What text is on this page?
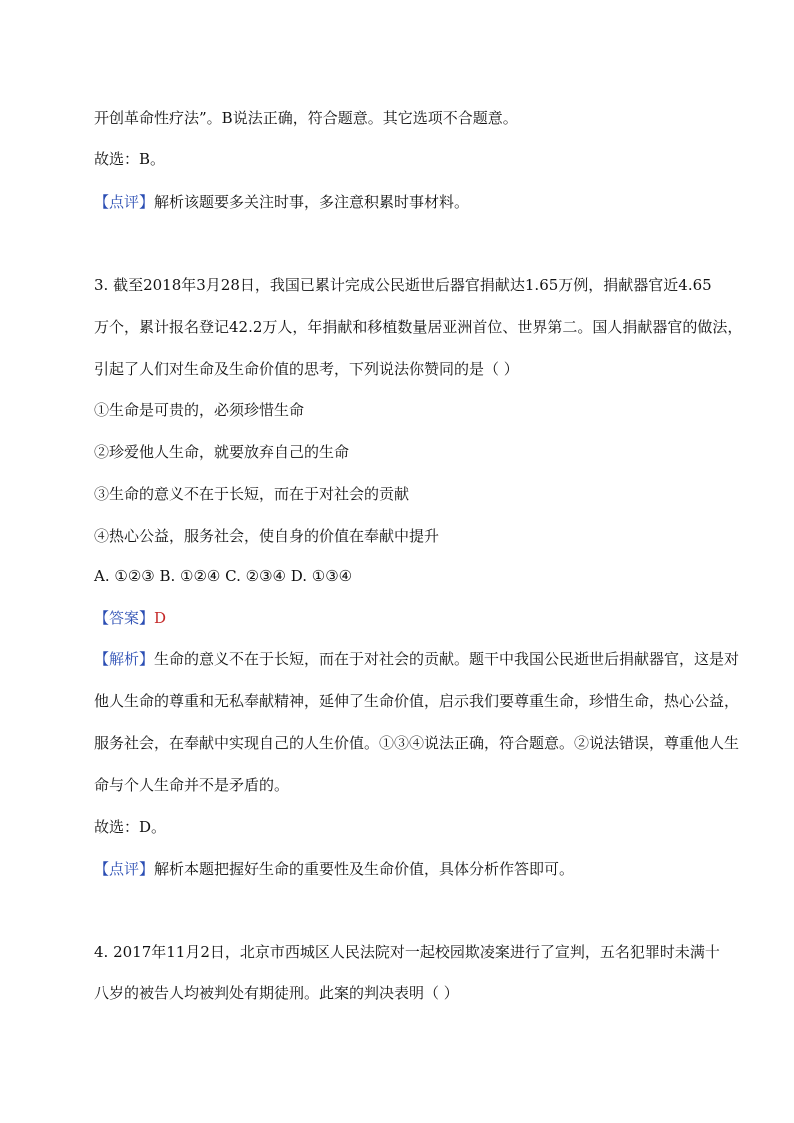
开创革命性疗法”。B说法正确，符合题意。其它选项不合题意。
故选：B。
【点评】解析该题要多关注时事，多注意积累时事材料。
3. 截至2018年3月28日，我国已累计完成公民逝世后器官捐献达1.65万例，捐献器官近4.65
万个，累计报名登记42.2万人，年捐献和移植数量居亚洲首位、世界第二。国人捐献器官的做法，
引起了人们对生命及生命价值的思考，下列说法你赞同的是（ ）
①生命是可贵的，必须珍惜生命
②珍爱他人生命，就要放弃自己的生命
③生命的意义不在于长短，而在于对社会的贡献
④热心公益，服务社会，使自身的价值在奉献中提升
A. ①②③ B. ①②④ C. ②③④ D. ①③④
【答案】D
【解析】生命的意义不在于长短，而在于对社会的贡献。题干中我国公民逝世后捐献器官，这是对
他人生命的尊重和无私奉献精神，延伸了生命价值，启示我们要尊重生命，珍惜生命，热心公益，
服务社会，在奉献中实现自己的人生价值。①③④说法正确，符合题意。②说法错误，尊重他人生
命与个人生命并不是矛盾的。
故选：D。
【点评】解析本题把握好生命的重要性及生命价值，具体分析作答即可。
4. 2017年11月2日，北京市西城区人民法院对一起校园欺凌案进行了宣判，五名犯罪时未满十
八岁的被告人均被判处有期徒刑。此案的判决表明（ ）
